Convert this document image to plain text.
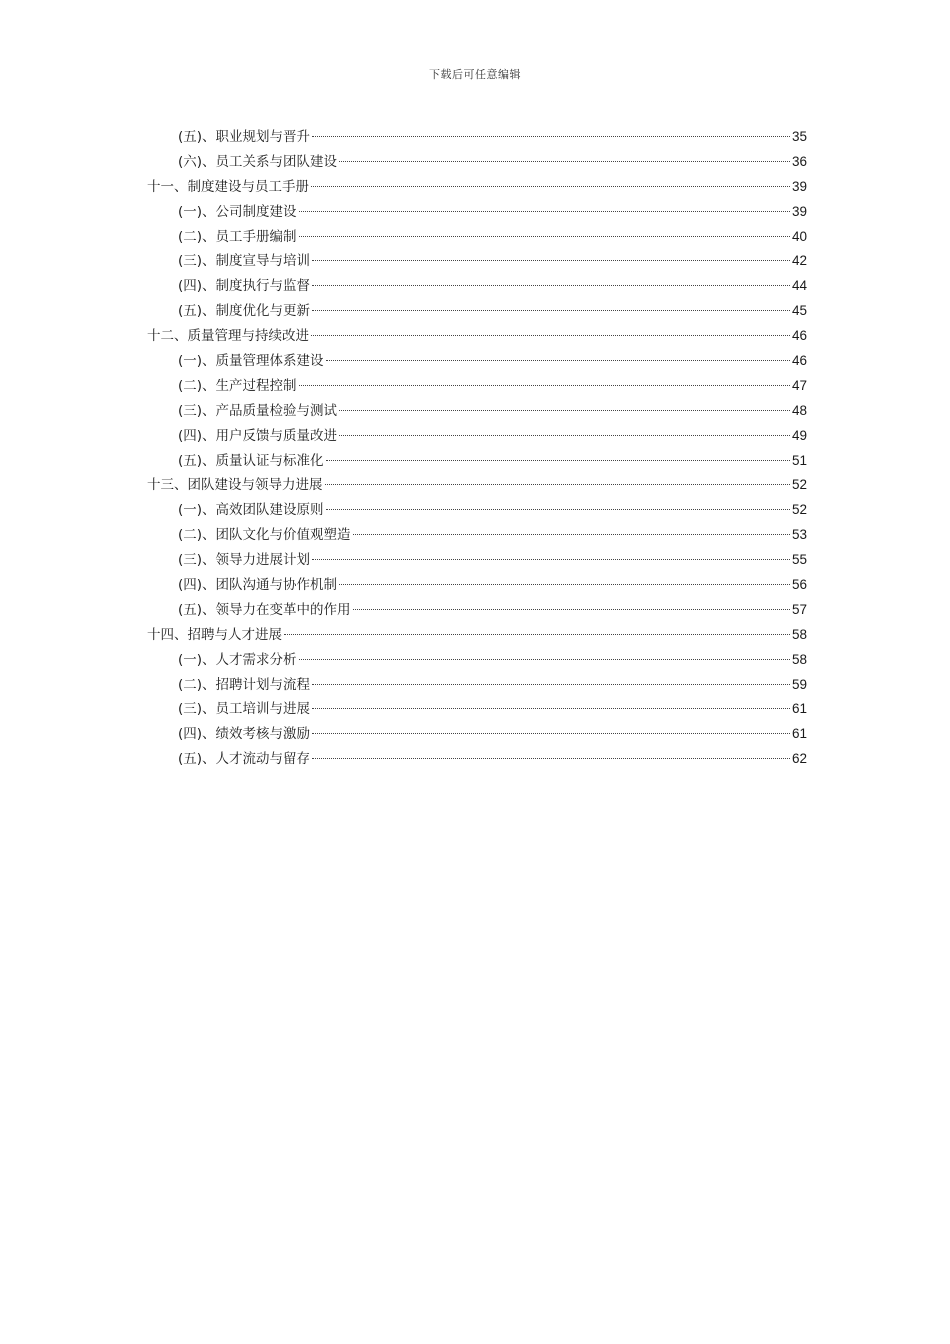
下载后可任意编辑
(五)、职业规划与晋升	35
(六)、员工关系与团队建设	36
十一、制度建设与员工手册	39
(一)、公司制度建设	39
(二)、员工手册编制	40
(三)、制度宣导与培训	42
(四)、制度执行与监督	44
(五)、制度优化与更新	45
十二、质量管理与持续改进	46
(一)、质量管理体系建设	46
(二)、生产过程控制	47
(三)、产品质量检验与测试	48
(四)、用户反馈与质量改进	49
(五)、质量认证与标准化	51
十三、团队建设与领导力进展	52
(一)、高效团队建设原则	52
(二)、团队文化与价值观塑造	53
(三)、领导力进展计划	55
(四)、团队沟通与协作机制	56
(五)、领导力在变革中的作用	57
十四、招聘与人才进展	58
(一)、人才需求分析	58
(二)、招聘计划与流程	59
(三)、员工培训与进展	61
(四)、绩效考核与激励	61
(五)、人才流动与留存	62
